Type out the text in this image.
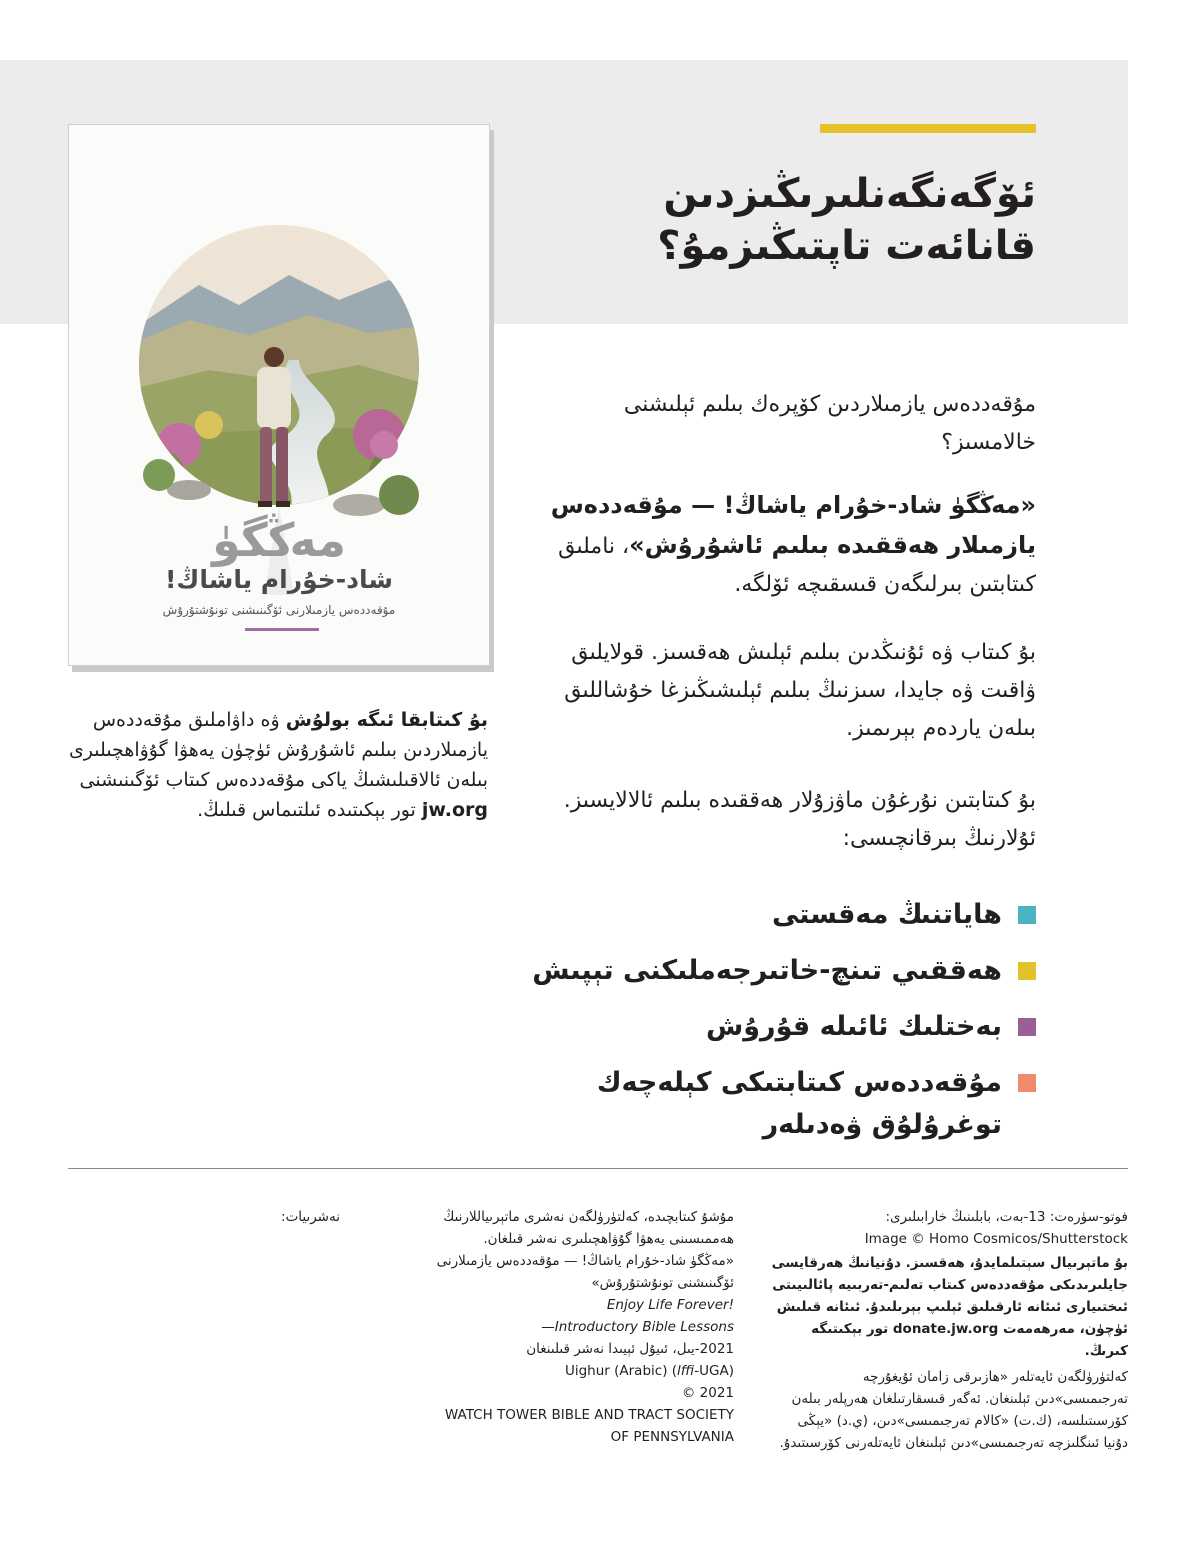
ئۆگەنگەنلىرىڭىزدىن
قانائەت تاپتىڭىزمۇ؟
مەڭگۈ
شاد-خۇرام ياشاڭ!
مۇقەددەس يازمىلارنى ئۆگىنىشنى تونۇشتۇرۇش
بۇ كىتابقا ئىگە بولۇش ۋە داۋاملىق مۇقەددەس يازمىلاردىن بىلىم ئاشۇرۇش ئۈچۈن يەھۋا گۇۋاھچىلىرى بىلەن ئالاقىلىشىڭ ياكى مۇقەددەس كىتاب ئۆگىنىشنى jw.org تور بېكىتىدە ئىلتىماس قىلىڭ.
مۇقەددەس يازمىلاردىن كۆپرەك بىلىم ئېلىشنى خالامسىز؟
«مەڭگۈ شاد-خۇرام ياشاڭ! — مۇقەددەس يازمىلار ھەققىدە بىلىم ئاشۇرۇش»، ناملىق كىتابتىن بىرلىگەن قىسقىچە ئۆلگە.
بۇ كىتاب ۋە ئۇنىڭدىن بىلىم ئېلىش ھەقسىز. قولايلىق ۋاقىت ۋە جايدا، سىزنىڭ بىلىم ئېلىشىڭىزغا خۇشاللىق بىلەن ياردەم بېرىمىز.
بۇ كىتابتىن نۇرغۇن ماۋزۇلار ھەققىدە بىلىم ئالالايسىز. ئۇلارنىڭ بىرقانچىسى:
ھاياتنىڭ مەقستى
ھەققىي تىنچ-خاتىرجەملىكنى تېپىش
بەختلىك ئائىلە قۇرۇش
مۇقەددەس كىتابتىكى كېلەچەك توغرۇلۇق ۋەدىلەر
فوتو-سۈرەت: 13-بەت، بابلىنىڭ خارابىلىرى:
Image © Homo Cosmicos/Shutterstock
بۇ ماتېرىيال سېتىلمايدۇ، ھەقسىز. دۇنيانىڭ ھەرقايسى جايلىرىدىكى مۇقەددەس كىتاب تەلىم-تەربىيە پائالىيىتى ئىختىيارى ئىئانە ئارقىلىق ئېلىپ بېرىلىدۇ. ئىئانە قىلىش ئۈچۈن، مەرھەمەت donate.jw.org تور بېكىتىگە كىرىڭ.
كەلتۈرۈلگەن ئايەتلەر «ھازىرقى زامان ئۇيغۇرچە تەرجىمىسى»دىن ئېلىنغان. ئەگەر قىسقارتىلغان ھەرپلەر بىلەن كۆرسىتىلسە، (ك.ت) «كالام تەرجىمىسى»دىن، (ي.د) «يېڭى دۇنيا ئىنگلىزچە تەرجىمىسى»دىن ئېلىنغان ئايەتلەرنى كۆرسىتىدۇ.
مۇشۇ كىتابچىدە، كەلتۈرۈلگەن نەشرى ماتېرىياللارنىڭ ھەممىسىنى يەھۋا گۇۋاھچىلىرى نەشر قىلغان.
«مەڭگۈ شاد-خۇرام ياشاڭ! — مۇقەددەس يازمىلارنى ئۆگىنىشنى تونۇشتۇرۇش»
Enjoy Life Forever!
—Introductory Bible Lessons
2021-يىل، ئىيۇل ئېيىدا نەشر قىلىنغان
Uighur (Arabic) (lffi-UGA)
© 2021
WATCH TOWER BIBLE AND TRACT SOCIETY
OF PENNSYLVANIA
نەشرىيات:
